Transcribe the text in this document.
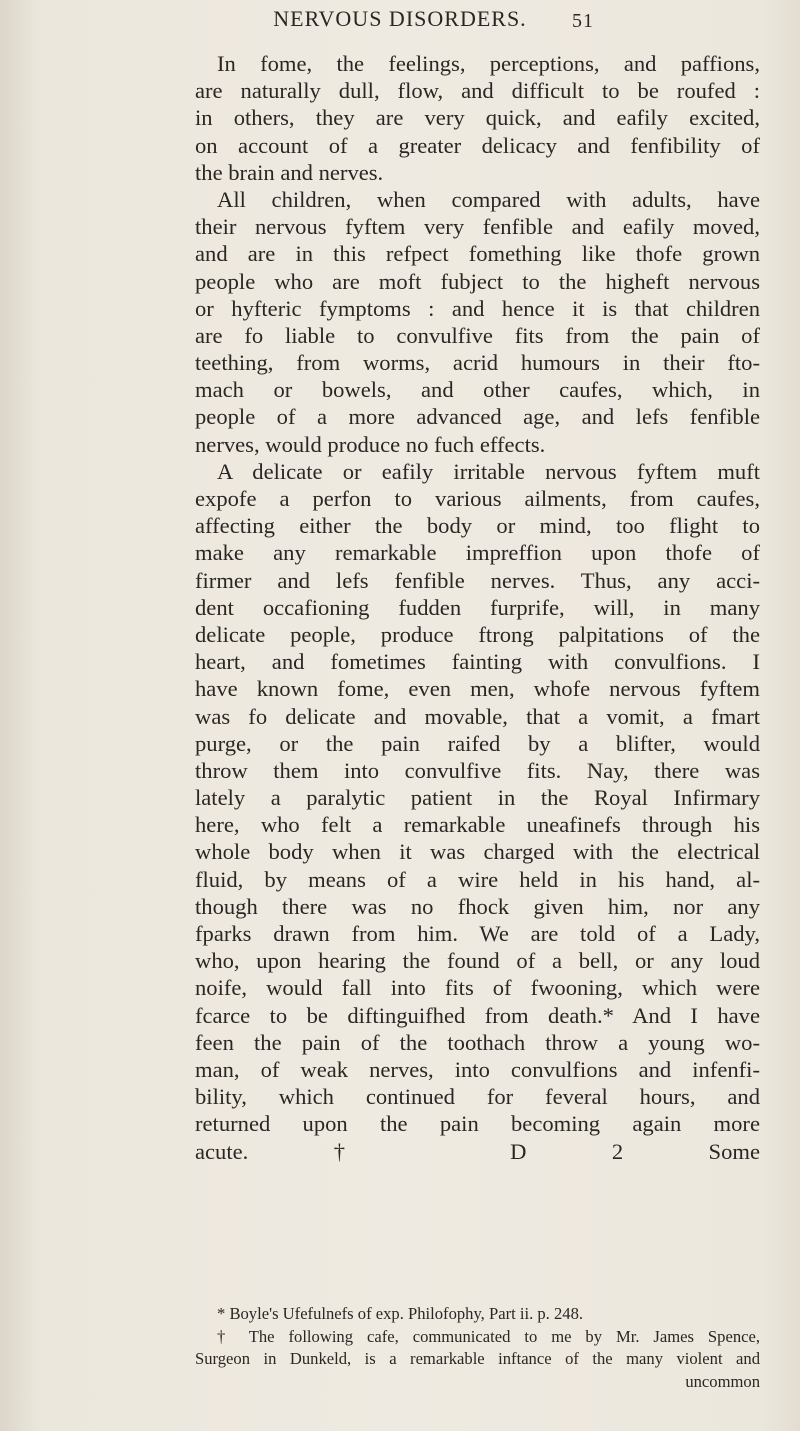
NERVOUS DISORDERS.	51
In fome, the feelings, perceptions, and paffions,
are naturally dull, flow, and difficult to be roufed :
in others, they are very quick, and eafily excited,
on account of a greater delicacy and fenfibility of
the brain and nerves.
All children, when compared with adults, have
their nervous fyftem very fenfible and eafily moved,
and are in this refpect fomething like thofe grown
people who are moft fubject to the higheft nervous
or hyfteric fymptoms : and hence it is that children
are fo liable to convulfive fits from the pain of
teething, from worms, acrid humours in their fto-
mach or bowels, and other caufes, which, in
people of a more advanced age, and lefs fenfible
nerves, would produce no fuch effects.
A delicate or eafily irritable nervous fyftem muft
expofe a perfon to various ailments, from caufes,
affecting either the body or mind, too flight to
make any remarkable impreffion upon thofe of
firmer and lefs fenfible nerves. Thus, any acci-
dent occafioning fudden furprife, will, in many
delicate people, produce ftrong palpitations of the
heart, and fometimes fainting with convulfions. I
have known fome, even men, whofe nervous fyftem
was fo delicate and movable, that a vomit, a fmart
purge, or the pain raifed by a blifter, would
throw them into convulfive fits. Nay, there was
lately a paralytic patient in the Royal Infirmary
here, who felt a remarkable uneafinefs through his
whole body when it was charged with the electrical
fluid, by means of a wire held in his hand, al-
though there was no fhock given him, nor any
fparks drawn from him. We are told of a Lady,
who, upon hearing the found of a bell, or any loud
noife, would fall into fits of fwooning, which were
fcarce to be diftinguifhed from death.* And I have
feen the pain of the toothach throw a young wo-
man, of weak nerves, into convulfions and infenfi-
bility, which continued for feveral hours, and
returned upon the pain becoming again more
acute. † D 2 Some
* Boyle's Ufefulnefs of exp. Philofophy, Part ii. p. 248.
† The following cafe, communicated to me by Mr. James Spence,
Surgeon in Dunkeld, is a remarkable inftance of the many violent and
uncommon
